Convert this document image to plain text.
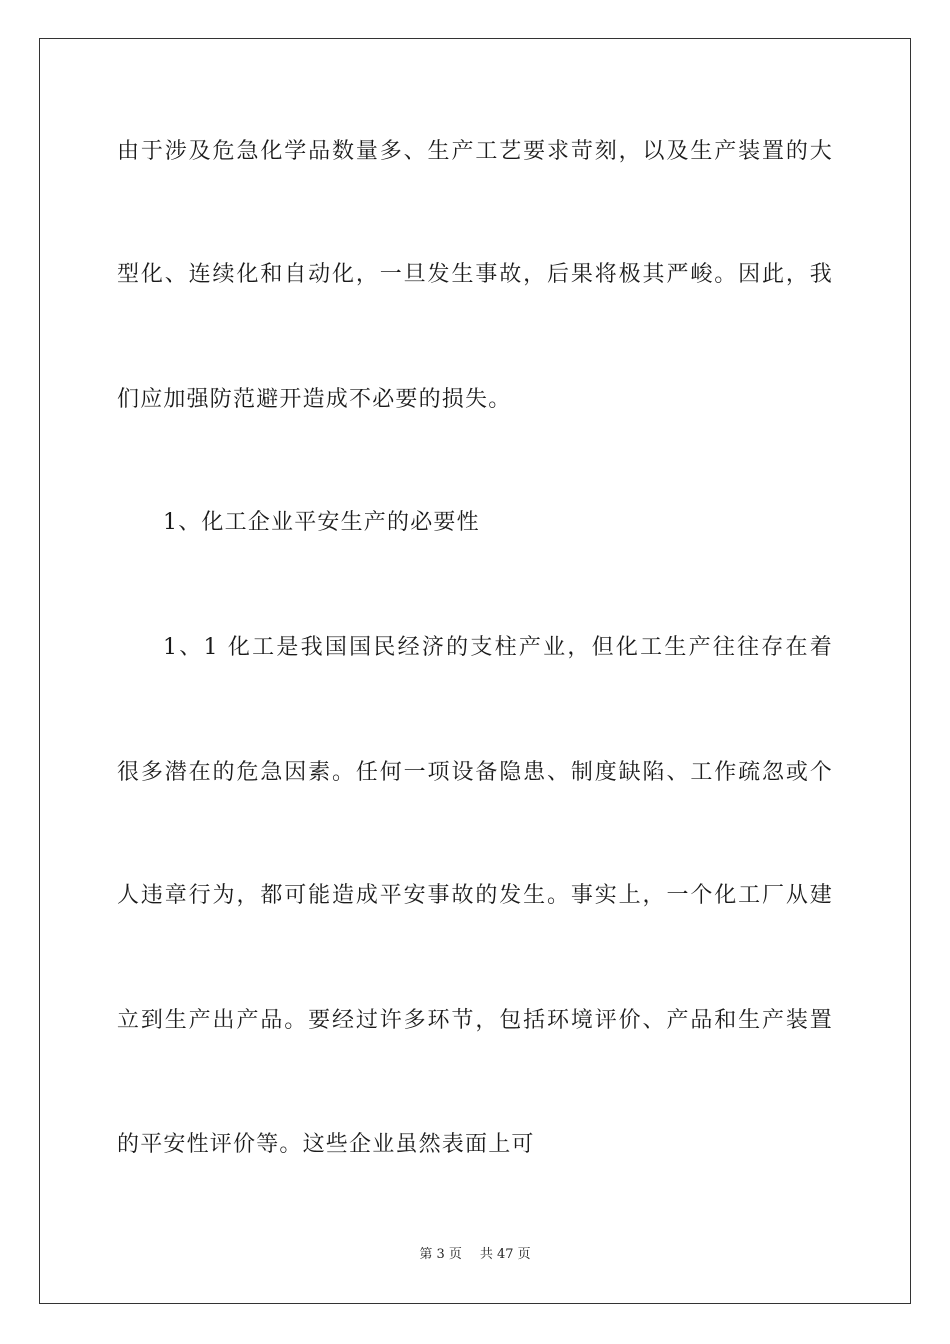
由于涉及危急化学品数量多、生产工艺要求苛刻，以及生产装置的大
型化、连续化和自动化，一旦发生事故，后果将极其严峻。因此，我
们应加强防范避开造成不必要的损失。
1、化工企业平安生产的必要性
1、1 化工是我国国民经济的支柱产业，但化工生产往往存在着
很多潜在的危急因素。任何一项设备隐患、制度缺陷、工作疏忽或个
人违章行为，都可能造成平安事故的发生。事实上，一个化工厂从建
立到生产出产品。要经过许多环节，包括环境评价、产品和生产装置
的平安性评价等。这些企业虽然表面上可
第 3 页 共 47 页
